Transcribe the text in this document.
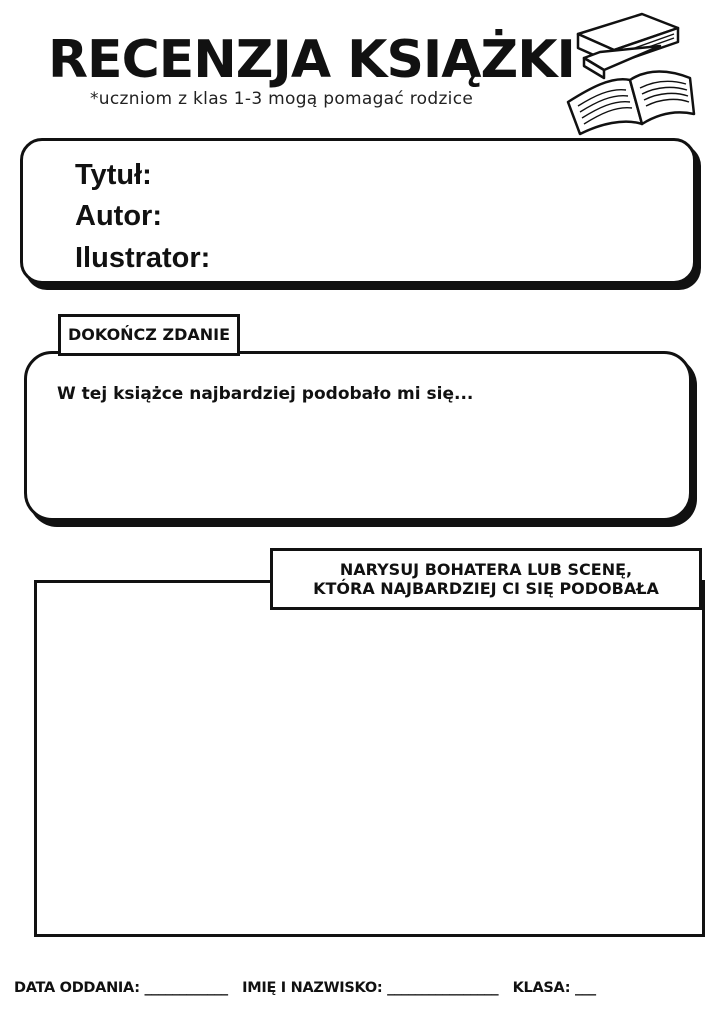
RECENZJA KSIĄŻKI
*uczniom z klas 1-3 mogą pomagać rodzice
Tytuł:
Autor:
Ilustrator:
W tej książce najbardziej podobało mi się...
DOKOŃCZ ZDANIE
NARYSUJ BOHATERA LUB SCENĘ,
KTÓRA NAJBARDZIEJ CI SIĘ PODOBAŁA
DATA ODDANIA: ____________ IMIĘ I NAZWISKO: ________________ KLASA: ___
